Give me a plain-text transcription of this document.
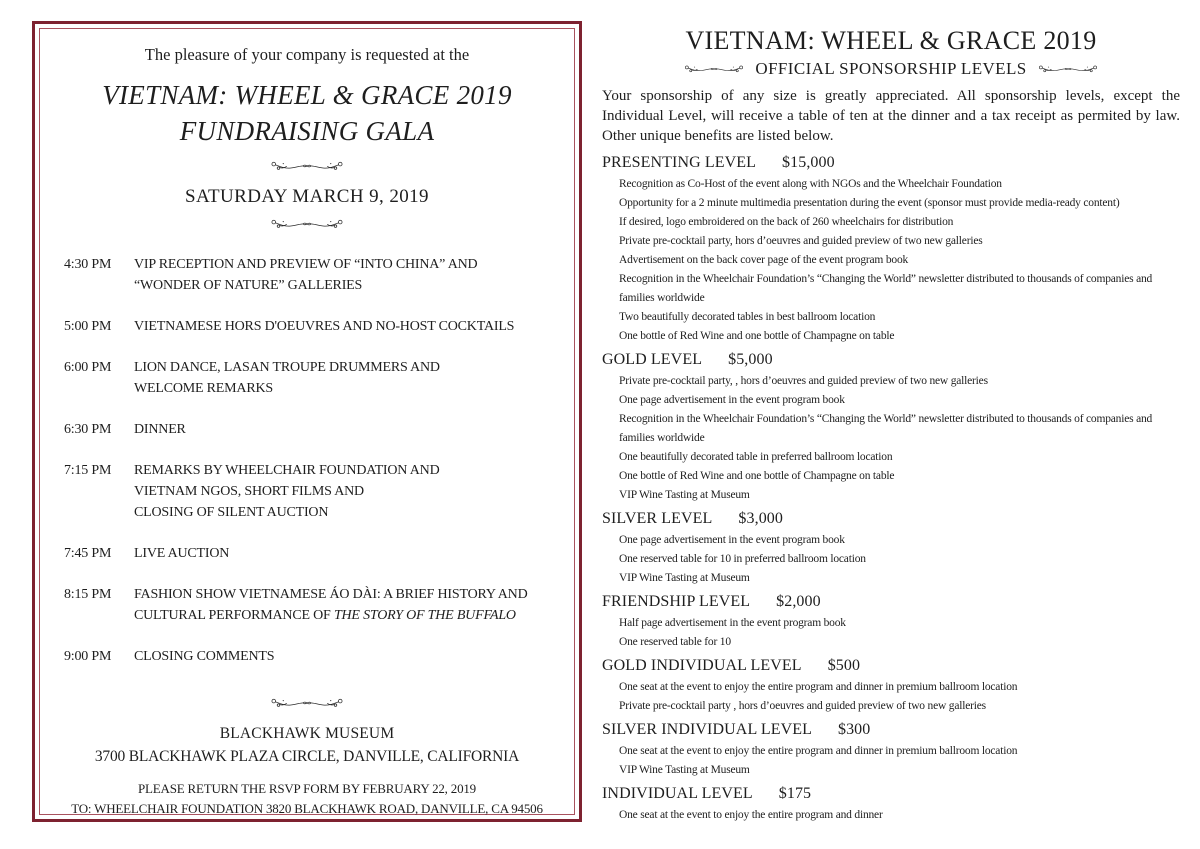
The pleasure of your company is requested at the
VIETNAM: WHEEL & GRACE 2019
FUNDRAISING GALA
SATURDAY MARCH 9, 2019
4:30 PM	VIP RECEPTION AND PREVIEW OF “INTO CHINA” AND
“WONDER OF NATURE” GALLERIES
5:00 PM	VIETNAMESE HORS D'OEUVRES AND NO-HOST COCKTAILS
6:00 PM	LION DANCE, LASAN TROUPE DRUMMERS AND
WELCOME REMARKS
6:30 PM	DINNER
7:15 PM	REMARKS BY WHEELCHAIR FOUNDATION AND
VIETNAM NGOS, SHORT FILMS AND
CLOSING OF SILENT AUCTION
7:45 PM	LIVE AUCTION
8:15 PM	FASHION SHOW VIETNAMESE ÁO DÀI: A BRIEF HISTORY AND
CULTURAL PERFORMANCE OF THE STORY OF THE BUFFALO
9:00 PM	CLOSING COMMENTS
BLACKHAWK MUSEUM
3700 BLACKHAWK PLAZA CIRCLE, DANVILLE, CALIFORNIA
PLEASE RETURN THE RSVP FORM BY FEBRUARY 22, 2019
TO: WHEELCHAIR FOUNDATION 3820 BLACKHAWK ROAD, DANVILLE, CA 94506
VIETNAM: WHEEL & GRACE 2019
OFFICIAL SPONSORSHIP LEVELS
Your sponsorship of any size is greatly appreciated. All sponsorship levels, except the Individual Level, will receive a table of ten at the dinner and a tax receipt as permited by law. Other unique benefits are listed below.
PRESENTING LEVEL $15,000
Recognition as Co-Host of the event along with NGOs and the Wheelchair Foundation
Opportunity for a 2 minute multimedia presentation during the event (sponsor must provide media-ready content)
If desired, logo embroidered on the back of 260 wheelchairs for distribution
Private pre-cocktail party, hors d’oeuvres and guided preview of two new galleries
Advertisement on the back cover page of the event program book
Recognition in the Wheelchair Foundation’s “Changing the World” newsletter distributed to thousands of companies and families worldwide
Two beautifully decorated tables in best ballroom location
One bottle of Red Wine and one bottle of Champagne on table
GOLD LEVEL $5,000
Private pre-cocktail party, , hors d’oeuvres and guided preview of two new galleries
One page advertisement in the event program book
Recognition in the Wheelchair Foundation’s “Changing the World” newsletter distributed to thousands of companies and families worldwide
One beautifully decorated table in preferred ballroom location
One bottle of Red Wine and one bottle of Champagne on table
VIP Wine Tasting at Museum
SILVER LEVEL $3,000
One page advertisement in the event program book
One reserved table for 10 in preferred ballroom location
VIP Wine Tasting at Museum
FRIENDSHIP LEVEL $2,000
Half page advertisement in the event program book
One reserved table for 10
GOLD INDIVIDUAL LEVEL $500
One seat at the event to enjoy the entire program and dinner in premium ballroom location
Private pre-cocktail party , hors d’oeuvres and guided preview of two new galleries
SILVER INDIVIDUAL LEVEL $300
One seat at the event to enjoy the entire program and dinner in premium ballroom location
VIP Wine Tasting at Museum
INDIVIDUAL LEVEL $175
One seat at the event to enjoy the entire program and dinner
